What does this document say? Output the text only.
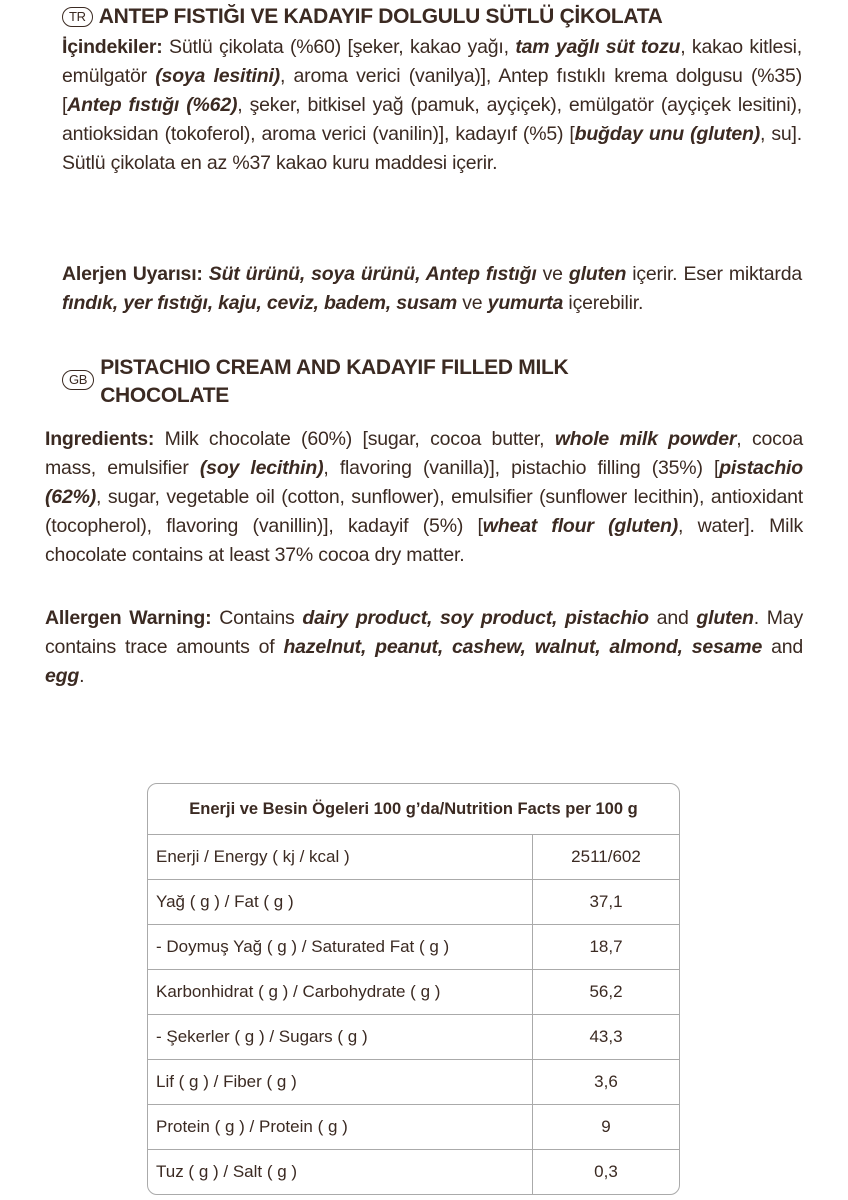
TR ANTEP FISTIĞI VE KADAYIF DOLGULU SÜTLÜ ÇİKOLATA
İçindekiler: Sütlü çikolata (%60) [şeker, kakao yağı, tam yağlı süt tozu, kakao kitlesi, emülgatör (soya lesitini), aroma verici (vanilya)], Antep fıstıklı krema dolgusu (%35) [Antep fıstığı (%62), şeker, bitkisel yağ (pamuk, ayçiçek), emülgatör (ayçiçek lesitini), antioksidan (tokoferol), aroma verici (vanilin)], kadayıf (%5) [buğday unu (gluten), su]. Sütlü çikolata en az %37 kakao kuru maddesi içerir.
Alerjen Uyarısı: Süt ürünü, soya ürünü, Antep fıstığı ve gluten içerir. Eser miktarda fındık, yer fıstığı, kaju, ceviz, badem, susam ve yumurta içerebilir.
GB
PISTACHIO CREAM AND KADAYIF FILLED MILK CHOCOLATE
Ingredients: Milk chocolate (60%) [sugar, cocoa butter, whole milk powder, cocoa mass, emulsifier (soy lecithin), flavoring (vanilla)], pistachio filling (35%) [pistachio (62%), sugar, vegetable oil (cotton, sunflower), emulsifier (sunflower lecithin), antioxidant (tocopherol), flavoring (vanillin)], kadayif (5%) [wheat flour (gluten), water]. Milk chocolate contains at least 37% cocoa dry matter.
Allergen Warning: Contains dairy product, soy product, pistachio and gluten. May contains trace amounts of hazelnut, peanut, cashew, walnut, almond, sesame and egg.
Enerji ve Besin Ögeleri 100 g’da/Nutrition Facts per 100 g	
Enerji / Energy ( kj / kcal )	2511/602
Yağ ( g ) / Fat ( g )	37,1
- Doymuş Yağ ( g ) / Saturated Fat ( g )	18,7
Karbonhidrat ( g ) / Carbohydrate ( g )	56,2
- Şekerler ( g ) / Sugars ( g )	43,3
Lif ( g ) / Fiber ( g )	3,6
Protein ( g ) / Protein ( g )	9
Tuz ( g ) / Salt ( g )	0,3
